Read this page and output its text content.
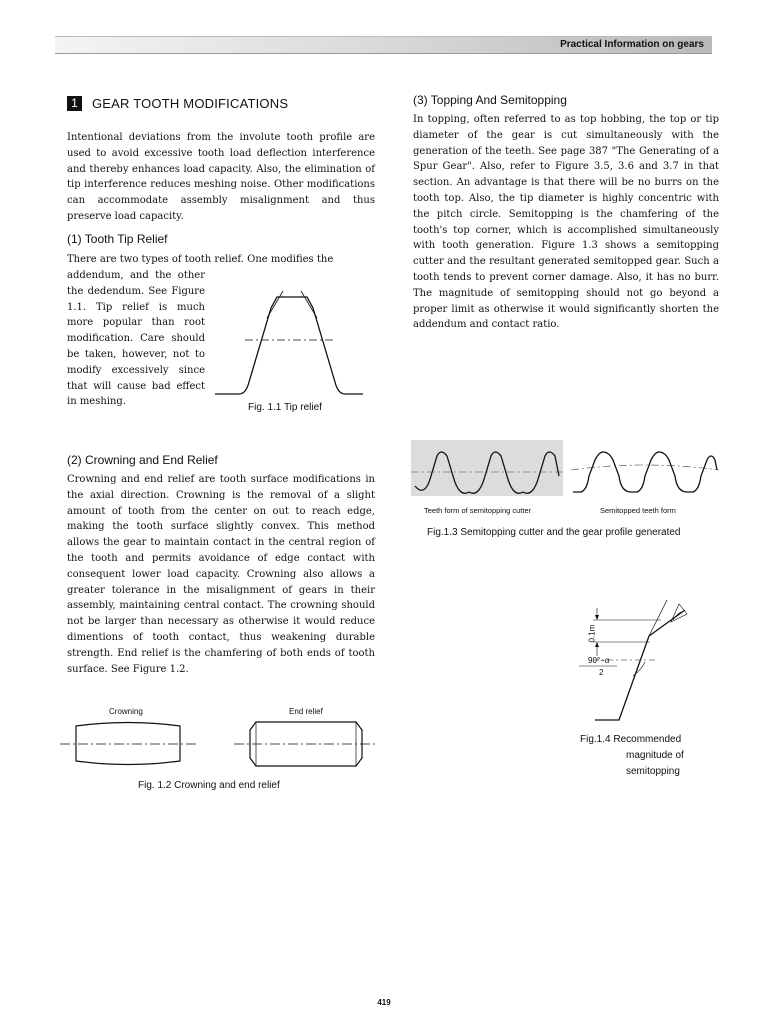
Practical Information on gears
1	GEAR TOOTH MODIFICATIONS
Intentional deviations from the involute tooth profile are used to avoid excessive tooth load deflection interference and thereby enhances load capacity. Also, the elimination of tip interference reduces meshing noise. Other modifications can accommodate assembly misalignment and thus preserve load capacity.
(1) Tooth Tip Relief
There are two types of tooth relief. One modifies the
addendum, and the other the dedendum. See Figure 1.1. Tip relief is much more popular than root modification. Care should be taken, however, not to modify excessively since that will cause bad effect in meshing.
Fig. 1.1 Tip relief
(2) Crowning and End Relief
Crowning and end relief are tooth surface modifications in the axial direction. Crowning is the removal of a slight amount of tooth from the center on out to reach edge, making the tooth surface slightly convex. This method allows the gear to maintain contact in the central region of the tooth and permits avoidance of edge contact with consequent lower load capacity. Crowning also allows a greater tolerance in the misalignment of gears in their assembly, maintaining central contact. The crowning should not be larger than necessary as otherwise it would reduce dimentions of tooth contact, thus weakening durable strength. End relief is the chamfering of both ends of tooth surface. See Figure 1.2.
Crowning	End relief
Fig. 1.2 Crowning and end relief
(3) Topping And Semitopping
In topping, often referred to as top hobbing, the top or tip diameter of the gear is cut simultaneously with the generation of the teeth. See page 387 "The Generating of a Spur Gear". Also, refer to Figure 3.5, 3.6 and 3.7 in that section. An advantage is that there will be no burrs on the tooth top. Also, the tip diameter is highly concentric with the pitch circle. Semitopping is the chamfering of the tooth's top corner, which is accomplished simultaneously with tooth generation. Figure 1.3 shows a semitopping cutter and the resultant generated semitopped gear. Such a tooth tends to prevent corner damage. Also, it has no burr. The magnitude of semitopping should not go beyond a proper limit as otherwise it would significantly shorten the addendum and contact ratio.
Teeth form of semitopping cutter	Semitopped teeth form
Fig.1.3 Semitopping cutter and the gear profile generated
0.1m
90°−α
2
Fig.1.4 Recommended
magnitude of
semitopping
419
